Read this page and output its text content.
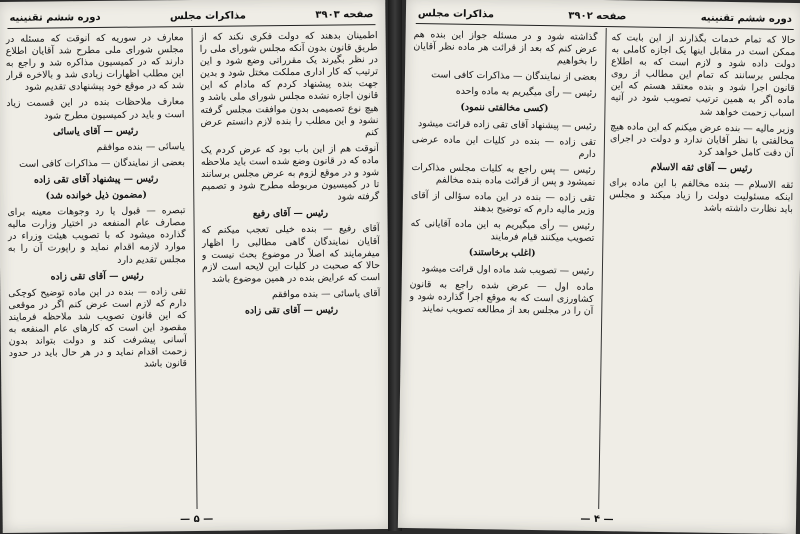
صفحه ۳۹۰۳
مذاکرات مجلس
دوره ششم تقنینیه

اطمینان بدهند که دولت فکری نکند که از طریق قانون بدون آنکه مجلس شورای ملی را در نظر بگیرند یک مقرراتی وضع شود و این ترتیب که کار اداری مملکت مختل شود و بدین جهت بنده پیشنهاد کردم که مادام که این قانون اجازه نشده مجلس شورای ملی باشد و هیچ نوع تصمیمی بدون موافقت مجلس گرفته نشود و این مطلب را بنده لازم دانستم عرض کنم

آنوقت هم از این باب بود که عرض کردم یک ماده که در قانون وضع شده است باید ملاحظه شود و در موقع لزوم به عرض مجلس برسانند تا در کمیسیون مربوطه مطرح شود و تصمیم گرفته شود

رئیس — آقای رفیع

آقای رفیع — بنده خیلی تعجب میکنم که آقایان نمایندگان گاهی مطالبی را اظهار میفرمایند که اصلاً در موضوع بحث نیست و حالا که صحبت در کلیات این لایحه است لازم است که عرایض بنده در همین موضوع باشد

آقای یاسائی — بنده موافقم

رئیس — آقای تقی زاده

معارف در سوریه که آنوقت که مسئله در مجلس شورای ملی مطرح شد آقایان اطلاع دارند که در کمیسیون مذاکره شد و راجع به این مطلب اظهارات زیادی شد و بالاخره قرار شد که در موقع خود پیشنهادی تقدیم شود

معارف ملاحظات بنده در این قسمت زیاد است و باید در کمیسیون مطرح شود

رئیس — آقای یاسائی

یاسائی — بنده موافقم

بعضی از نمایندگان — مذاکرات کافی است

رئیس — پیشنهاد آقای تقی زاده

(مضمون ذیل خوانده شد)

تبصره — قبول یا رد وجوهات معینه برای مصارف عام المنفعه در اختیار وزارت مالیه گذارده میشود که با تصویب هیئت وزراء در موارد لازمه اقدام نماید و راپورت آن را به مجلس تقدیم دارد

رئیس — آقای تقی زاده

تقی زاده — بنده در این ماده توضیح کوچکی دارم که لازم است عرض کنم اگر در موقعی که این قانون تصویب شد ملاحظه فرمایند مقصود این است که کارهای عام المنفعه به آسانی پیشرفت کند و دولت بتواند بدون زحمت اقدام نماید و در هر حال باید در حدود قانون باشد

— ۵ —
دوره ششم تقنینیه
صفحه ۳۹۰۲
مذاکرات مجلس

حالا که تمام خدمات بگذارند از این بابت که ممکن است در مقابل اینها یک اجازه کاملی به دولت داده شود و لازم است که به اطلاع مجلس برسانند که تمام این مطالب از روی قانون اجرا شود و بنده معتقد هستم که این ماده اگر به همین ترتیب تصویب شود در آتیه اسباب زحمت خواهد شد

وزیر مالیه — بنده عرض میکنم که این ماده هیچ مخالفتی با نظر آقایان ندارد و دولت در اجرای آن دقت کامل خواهد کرد

رئیس — آقای ثقه الاسلام

ثقه الاسلام — بنده مخالفم با این ماده برای اینکه مسئولیت دولت را زیاد میکند و مجلس باید نظارت داشته باشد

گذاشته شود و در مسئله جواز این بنده هم عرض کنم که بعد از قرائت هر ماده نظر آقایان را بخواهیم

بعضی از نمایندگان — مذاکرات کافی است

رئیس — رأی میگیریم به ماده واحده

(کسی مخالفتی ننمود)

رئیس — پیشنهاد آقای تقی زاده قرائت میشود

تقی زاده — بنده در کلیات این ماده عرضی دارم

رئیس — پس راجع به کلیات مجلس مذاکرات نمیشود و پس از قرائت ماده بنده مخالفم

تقی زاده — بنده در این ماده سؤالی از آقای وزیر مالیه دارم که توضیح بدهند

رئیس — رأی میگیریم به این ماده آقایانی که تصویب میکنند قیام فرمایند

(اغلب برخاستند)

رئیس — تصویب شد ماده اول قرائت میشود

ماده اول — عرض شده راجع به قانون کشاورزی است که به موقع اجرا گذارده شود و آن را در مجلس بعد از مطالعه تصویب نمایند

— ۴ —
